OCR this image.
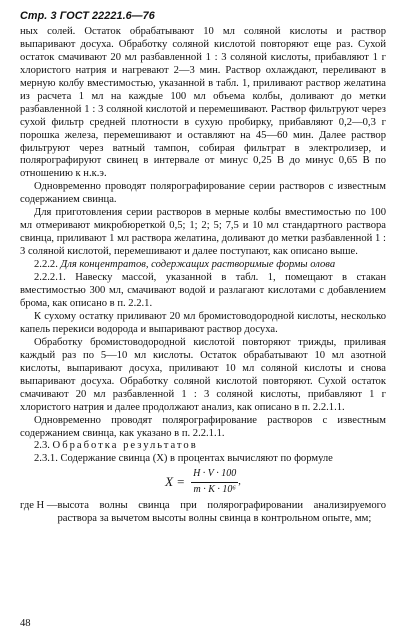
Стр. 3 ГОСТ 22221.6—76

ных солей. Остаток обрабатывают 10 мл соляной кислоты и раствор выпаривают досуха. Обработку соляной кислотой повторяют еще раз. Сухой остаток смачивают 20 мл разбавленной 1 : 3 соляной кислоты, прибавляют 1 г хлористого натрия и нагревают 2—3 мин. Раствор охлаждают, переливают в мерную колбу вместимостью, указанной в табл. 1, приливают раствор желатина из расчета 1 мл на каждые 100 мл объема колбы, доливают до метки разбавленной 1 : 3 соляной кислотой и перемешивают. Раствор фильтруют через сухой фильтр средней плотности в сухую пробирку, прибавляют 0,2—0,3 г порошка железа, перемешивают и оставляют на 45—60 мин. Далее раствор фильтруют через ватный тампон, собирая фильтрат в электролизер, и полярографируют свинец в интервале от минус 0,25 В до минус 0,65 В по отношению к н.к.э.

Одновременно проводят полярографирование серии растворов с известным содержанием свинца.

Для приготовления серии растворов в мерные колбы вместимостью по 100 мл отмеривают микробюреткой 0,5; 1; 2; 5; 7,5 и 10 мл стандартного раствора свинца, приливают 1 мл раствора желатина, доливают до метки разбавленной 1 : 3 соляной кислотой, перемешивают и далее поступают, как описано выше.

2.2.2. Для концентратов, содержащих растворимые формы олова

2.2.2.1. Навеску массой, указанной в табл. 1, помещают в стакан вместимостью 300 мл, смачивают водой и разлагают кислотами с добавлением брома, как описано в п. 2.2.1.

К сухому остатку приливают 20 мл бромистоводородной кислоты, несколько капель перекиси водорода и выпаривают раствор досуха.

Обработку бромистоводородной кислотой повторяют трижды, приливая каждый раз по 5—10 мл кислоты. Остаток обрабатывают 10 мл азотной кислоты, выпаривают досуха, приливают 10 мл соляной кислоты и снова выпаривают досуха. Обработку соляной кислотой повторяют. Сухой остаток смачивают 20 мл разбавленной 1 : 3 соляной кислоты, прибавляют 1 г хлористого натрия и далее продолжают анализ, как описано в п. 2.2.1.1.

Одновременно проводят полярографирование растворов с известным содержанием свинца, как указано в п. 2.2.1.1.

2.3. Обработка результатов

2.3.1. Содержание свинца (X) в процентах вычисляют по формуле

$X = \frac{H \cdot V \cdot 100}{\text{m · K · 10⁶}}$ ,
где H — высота волны свинца при полярографировании анализируемого раствора за вычетом высоты волны свинца в контрольном опыте, мм;
48
